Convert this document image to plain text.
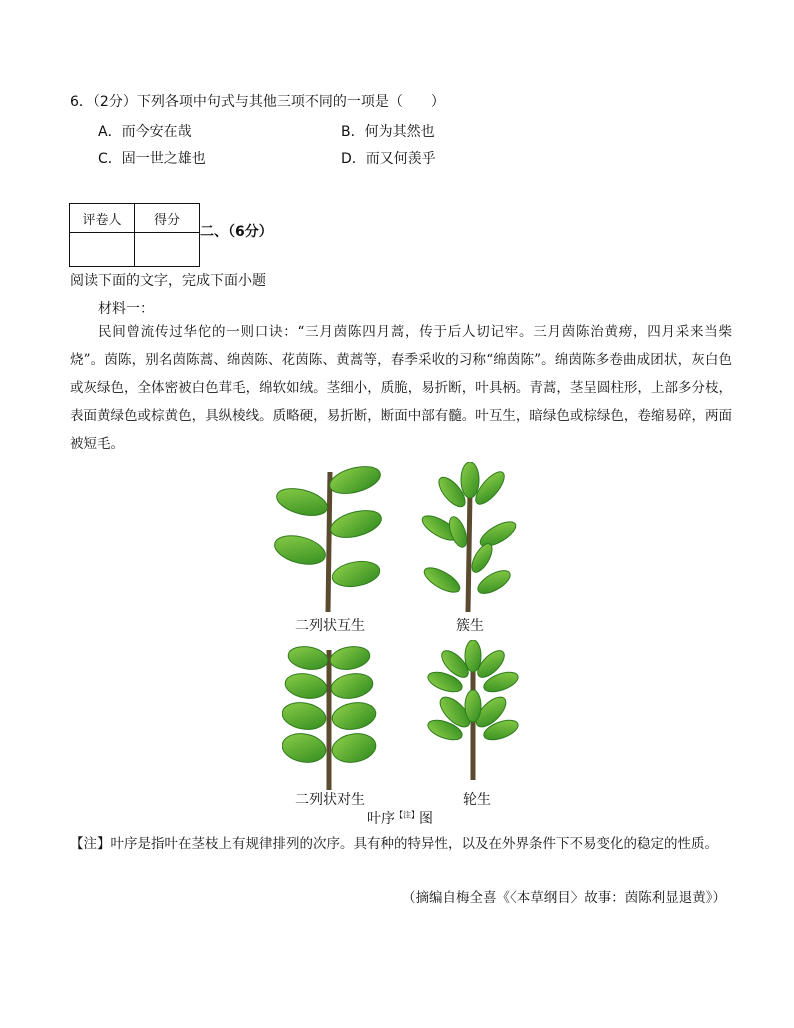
6．（2分）下列各项中句式与其他三项不同的一项是（　　）
A．而今安在哉	B．何为其然也
C．固一世之雄也	D．而又何羡乎
评卷人	得分

二、（6分）
阅读下面的文字，完成下面小题
材料一：
民间曾流传过华佗的一则口诀：“三月茵陈四月蒿，传于后人切记牢。三月茵陈治黄痨，四月采来当柴烧”。茵陈，别名茵陈蒿、绵茵陈、花茵陈、黄蒿等，春季采收的习称“绵茵陈”。绵茵陈多卷曲成团状，灰白色或灰绿色，全体密被白色茸毛，绵软如绒。茎细小，质脆，易折断，叶具柄。青蒿，茎呈圆柱形，上部多分枝，表面黄绿色或棕黄色，具纵棱线。质略硬，易折断，断面中部有髓。叶互生，暗绿色或棕绿色，卷缩易碎，两面被短毛。
二列状互生	簇生
二列状对生	轮生
叶序$^{【注】}$图
【注】叶序是指叶在茎枝上有规律排列的次序。具有种的特异性，以及在外界条件下不易变化的稳定的性质。
（摘编自梅全喜《〈本草纲目〉故事：茵陈利显退黄》）
